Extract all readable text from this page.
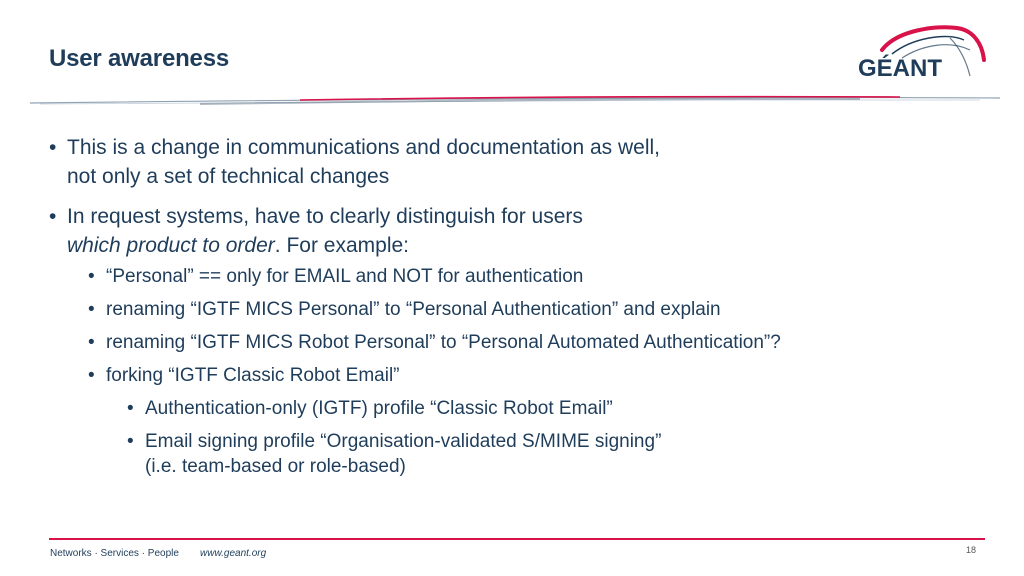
User awareness	GÉANT
• This is a change in communications and documentation as well,
not only a set of technical changes
• In request systems, have to clearly distinguish for users
which product to order. For example:
• “Personal” == only for EMAIL and NOT for authentication
• renaming “IGTF MICS Personal” to “Personal Authentication” and explain
• renaming “IGTF MICS Robot Personal” to “Personal Automated Authentication”?
• forking “IGTF Classic Robot Email”
• Authentication-only (IGTF) profile “Classic Robot Email”
• Email signing profile “Organisation-validated S/MIME signing”
(i.e. team-based or role-based)
Networks · Services · People www.geant.org	18
